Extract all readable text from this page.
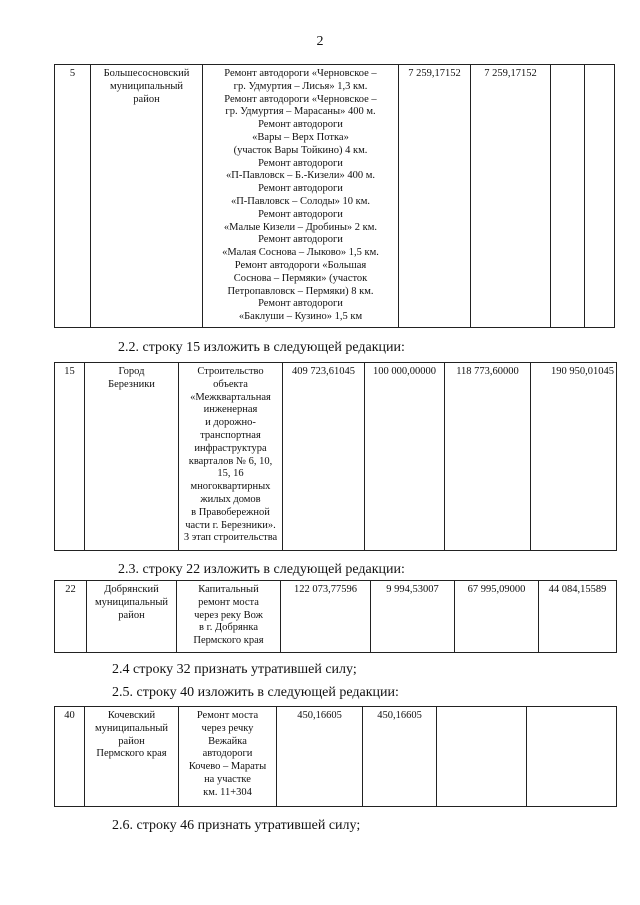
2
5	Большесосновский
муниципальный
район	Ремонт автодороги «Черновское –
гр. Удмуртия – Лисья» 1,3 км.
Ремонт автодороги «Черновское –
гр. Удмуртия – Марасаны» 400 м.
Ремонт автодороги
«Вары – Верх Потка»
(участок Вары Тойкино) 4 км.
Ремонт автодороги
«П-Павловск – Б.-Кизели» 400 м.
Ремонт автодороги
«П-Павловск – Солоды» 10 км.
Ремонт автодороги
«Малые Кизели – Дробины» 2 км.
Ремонт автодороги
«Малая Соснова – Лыково» 1,5 км.
Ремонт автодороги «Большая
Соснова – Пермяки» (участок
Петропавловск – Пермяки) 8 км.
Ремонт автодороги
«Баклуши – Кузино» 1,5 км	7 259,17152	7 259,17152		
2.2. строку 15 изложить в следующей редакции:
15	Город
Березники	Строительство
объекта
«Межквартальная
инженерная
и дорожно-
транспортная
инфраструктура
кварталов № 6, 10,
15, 16
многоквартирных
жилых домов
в Правобережной
части г. Березники».
3 этап строительства	409 723,61045	100 000,00000	118 773,60000	190 950,01045
2.3. строку 22 изложить в следующей редакции:
22	Добрянский
муниципальный
район	Капитальный
ремонт моста
через реку Вож
в г. Добрянка
Пермского края	122 073,77596	9 994,53007	67 995,09000	44 084,15589
2.4 строку 32 признать утратившей силу;
2.5. строку 40 изложить в следующей редакции:
40	Кочевский
муниципальный
район
Пермского края	Ремонт моста
через речку
Вежайка
автодороги
Кочево – Мараты
на участке
км. 11+304	450,16605	450,16605		
2.6. строку 46 признать утратившей силу;
